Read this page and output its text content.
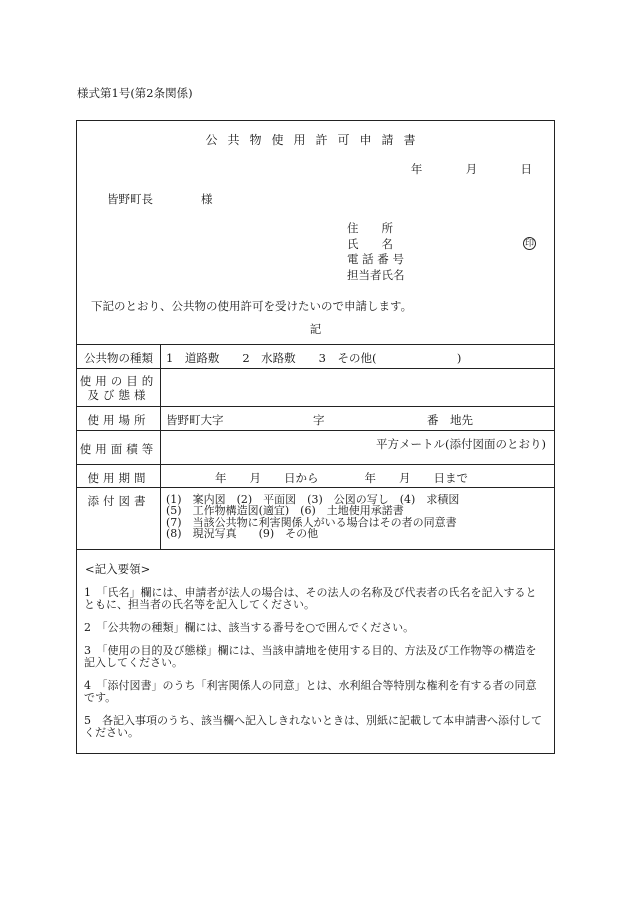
様式第1号(第2条関係)
公共物使用許可申請書
年	月	日
皆野町長	様
住　　所
氏　　名
電 話 番 号
担当者氏名
印
下記のとおり、公共物の使用許可を受けたいので申請します。
記
公共物の種類	1　道路敷　　2　水路敷　　3　その他(　　　　　　　)
使用の目的
及び態様
使用場所	皆野町大字	字	番　地先
使用面積等	平方メートル(添付図面のとおり)
使用期間	年　　月　　日から　　　　年　　月　　日まで
添付図書	(1)　案内図　(2)　平面図　(3)　公図の写し　(4)　求積図
(5)　工作物構造図(適宜)　(6)　土地使用承諾書
(7)　当該公共物に利害関係人がいる場合はその者の同意書
(8)　現況写真　　(9)　その他
<記入要領>
1　「氏名」欄には、申請者が法人の場合は、その法人の名称及び代表者の氏名を記入するとともに、担当者の氏名等を記入してください。
2　「公共物の種類」欄には、該当する番号を○で囲んでください。
3　「使用の目的及び態様」欄には、当該申請地を使用する目的、方法及び工作物等の構造を記入してください。
4　「添付図書」のうち「利害関係人の同意」とは、水利組合等特別な権利を有する者の同意です。
5　各記入事項のうち、該当欄へ記入しきれないときは、別紙に記載して本申請書へ添付してください。
